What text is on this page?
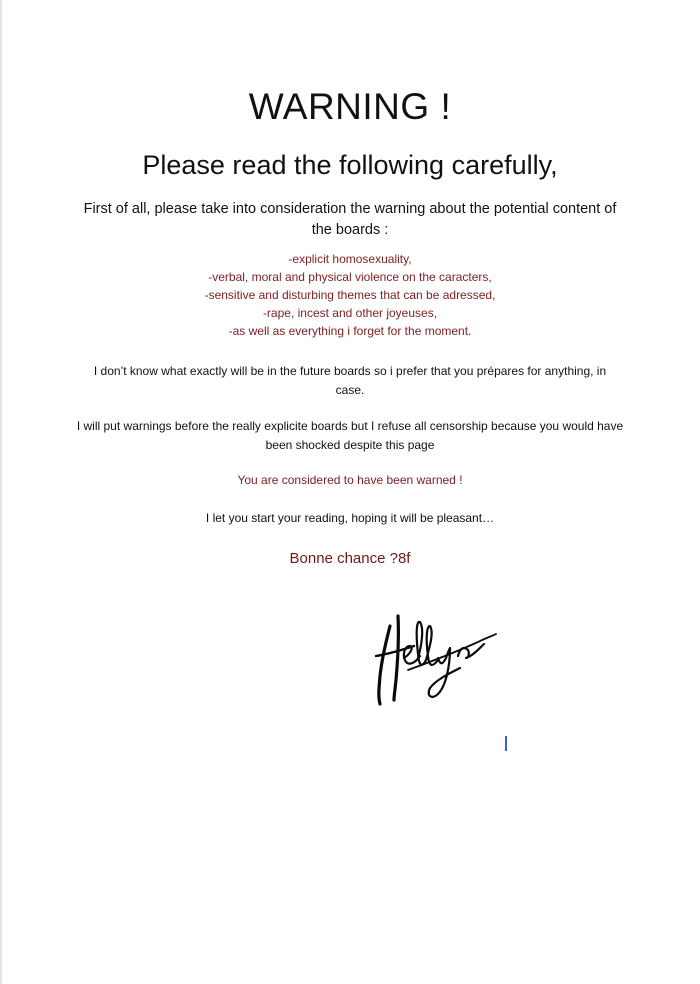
WARNING !
Please read the following carefully,
First of all, please take into consideration the warning about the potential content of the boards :
-explicit homosexuality,
-verbal, moral and physical violence on the caracters,
-sensitive and disturbing themes that can be adressed,
-rape, incest and other joyeuses,
-as well as everything i forget for the moment.
I don’t know what exactly will be in the future boards so i prefer that you prépares for anything, in case.
I will put warnings before the really explicite boards but I refuse all censorship because you would have been shocked despite this page
You are considered to have been warned !
I let you start your reading, hoping it will be pleasant…
Bonne chance ?8f
